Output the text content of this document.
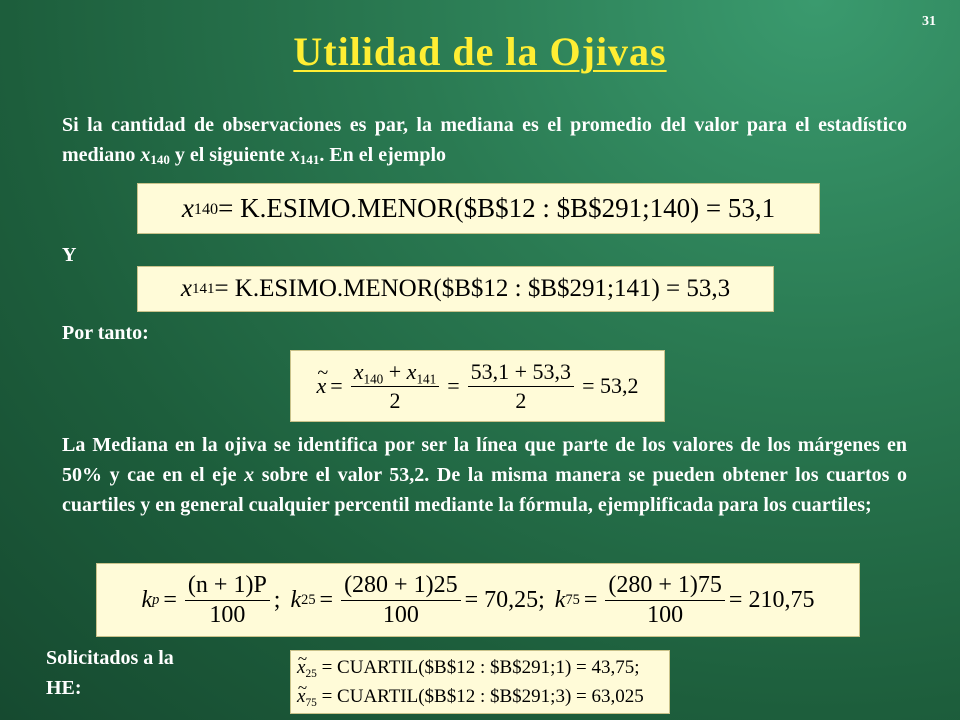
31
Utilidad de la Ojivas
Si la cantidad de observaciones es par, la mediana es el promedio del valor para el estadístico mediano $x_{140}$ y el siguiente $x_{141}$. En el ejemplo
x 140 = K.ESIMO.MENOR($B$12 : $B$291;140) = 53,1
Y
x 141 = K.ESIMO.MENOR($B$12 : $B$291;141) = 53,3
Por tanto:
~ $x = \frac{x_{140} + x_{141}}{2} = \frac{53,1 + 53,3}{2} = 53,2$
La Mediana en la ojiva se identifica por ser la línea que parte de los valores de los márgenes en 50% y cae en el eje x sobre el valor 53,2. De la misma manera se pueden obtener los cuartos o cuartiles y en general cualquier percentil mediante la fórmula, ejemplificada para los cuartiles;
k $p = \frac{(n + 1)P}{100}$ ; k $25 = \frac{(280 + 1)25}{100} = 70,25$; k $75 = \frac{(280 + 1)75}{100} = 210,75$
Solicitados a la HE:
~ $x_{25}$ = CUARTIL($B$12 : $B$291;1) = 43,75;
~ $x_{75}$ = CUARTIL($B$12 : $B$291;3) = 63,025
